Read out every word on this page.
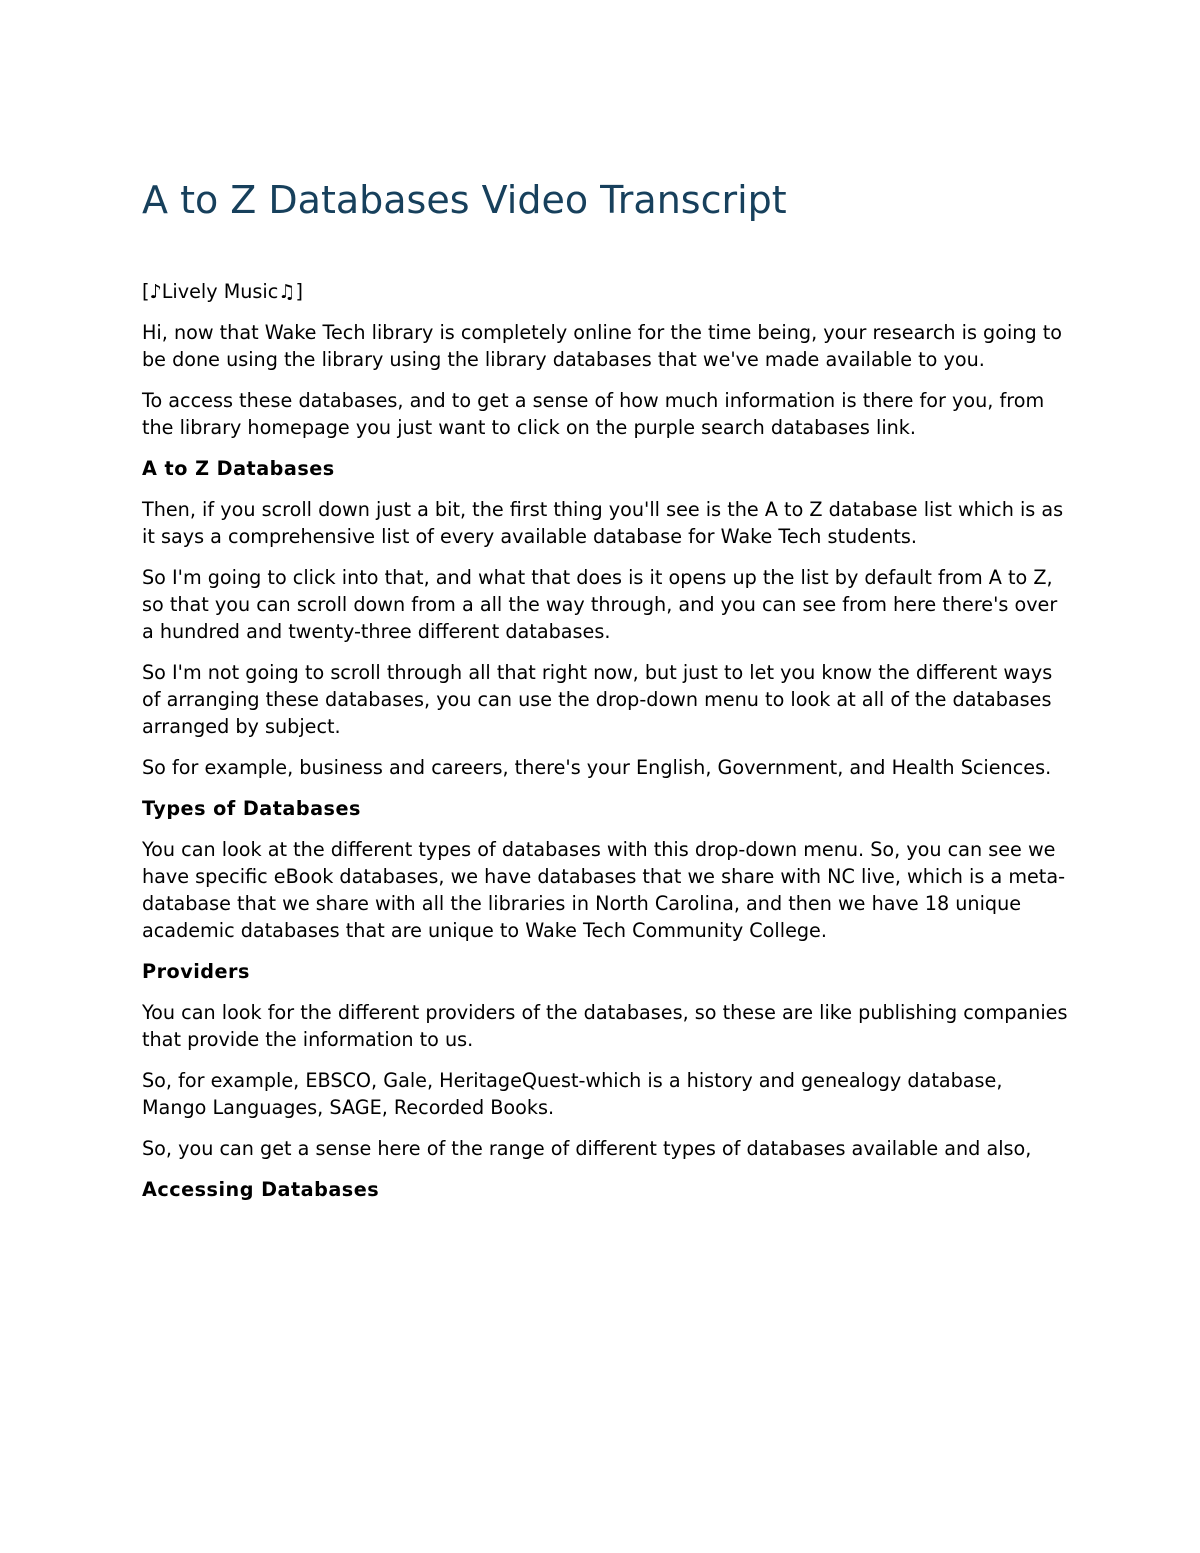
A to Z Databases Video Transcript

[♪Lively Music♫]

Hi, now that Wake Tech library is completely online for the time being, your research is going to be done using the library using the library databases that we've made available to you.

To access these databases, and to get a sense of how much information is there for you, from the library homepage you just want to click on the purple search databases link.

A to Z Databases

Then, if you scroll down just a bit, the first thing you'll see is the A to Z database list which is as it says a comprehensive list of every available database for Wake Tech students.

So I'm going to click into that, and what that does is it opens up the list by default from A to Z, so that you can scroll down from a all the way through, and you can see from here there's over a hundred and twenty-three different databases.

So I'm not going to scroll through all that right now, but just to let you know the different ways of arranging these databases, you can use the drop-down menu to look at all of the databases arranged by subject.

So for example, business and careers, there's your English, Government, and Health Sciences.

Types of Databases

You can look at the different types of databases with this drop-down menu. So, you can see we have specific eBook databases, we have databases that we share with NC live, which is a meta-database that we share with all the libraries in North Carolina, and then we have 18 unique academic databases that are unique to Wake Tech Community College.

Providers

You can look for the different providers of the databases, so these are like publishing companies that provide the information to us.

So, for example, EBSCO, Gale, HeritageQuest-which is a history and genealogy database, Mango Languages, SAGE, Recorded Books.

So, you can get a sense here of the range of different types of databases available and also,

Accessing Databases
